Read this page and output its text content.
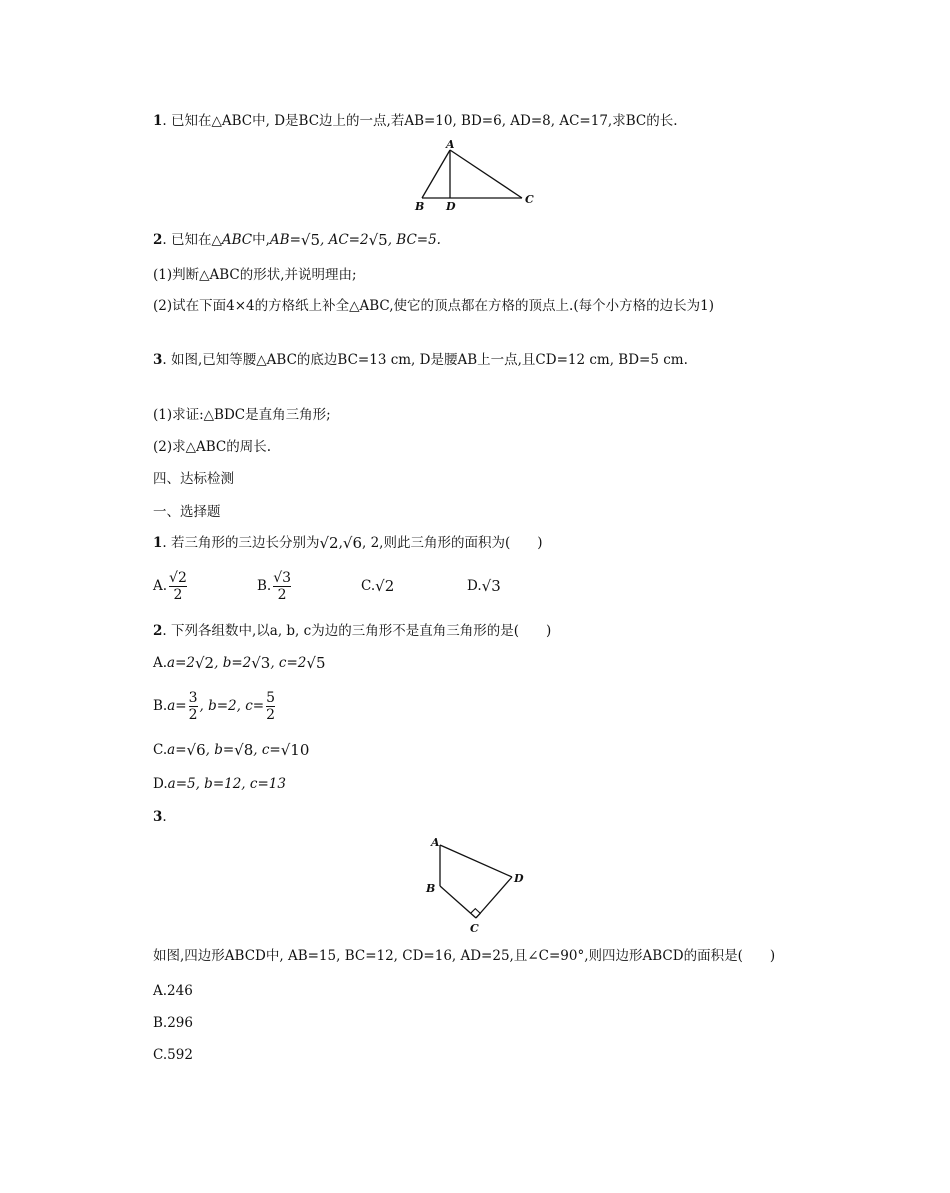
1 . 已知在△ABC中, D是BC边上的一点,若AB=10, BD=6, AD=8, AC=17,求BC的长.
A
B D
C
2 . 已知在△ ABC 中, AB= √5 , AC=2 √5 , BC=5.
(1)判断△ABC的形状,并说明理由;
(2)试在下面4×4的方格纸上补全△ABC,使它的顶点都在方格的顶点上.(每个小方格的边长为1)
3 . 如图,已知等腰△ABC的底边BC=13 cm, D是腰AB上一点,且CD=12 cm, BD=5 cm.
(1)求证:△BDC是直角三角形;
(2)求△ABC的周长.
四、达标检测
一、选择题
1 . 若三角形的三边长分别为 √2 , √6 , 2,则此三角形的面积为(　　)
A. $\frac{√2}{2}$	B. $\frac{√3}{2}$	C. √2	D. √3
2 . 下列各组数中,以a, b, c为边的三角形不是直角三角形的是(　　)
A. a=2 √2 , b=2 √3 , c=2 √5
B. $a= \frac{3}{2}$ , b=2, $c= \frac{5}{2}$
C. a= √6 , b= √8 , c= √10
D. a=5, b=12, c=13
3 .
A
B
C
D
如图,四边形ABCD中, AB=15, BC=12, CD=16, AD=25,且∠C=90°,则四边形ABCD的面积是(　　)
A.246
B.296
C.592
